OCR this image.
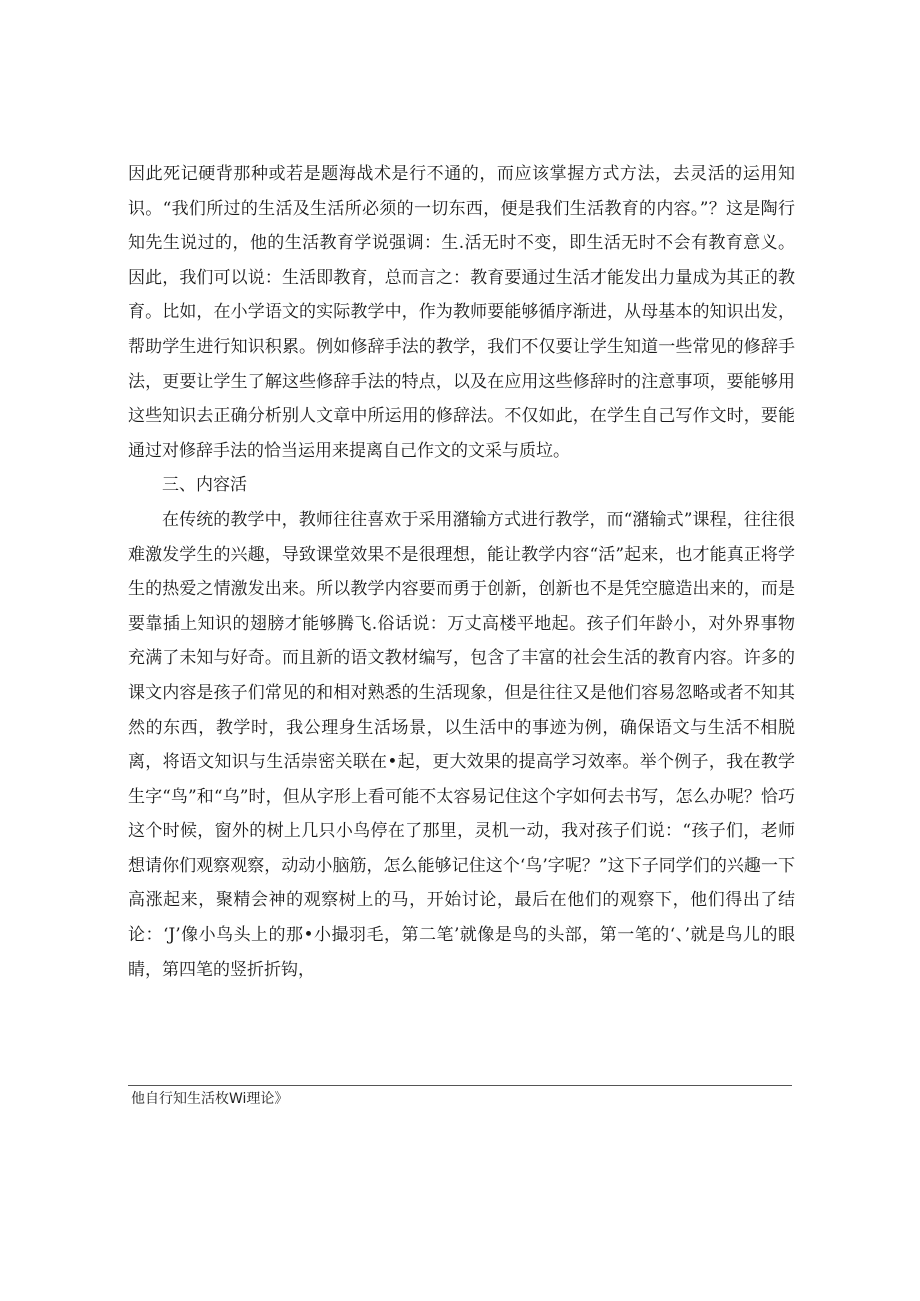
因此死记硬背那种或若是题海战术是行不通的，而应该掌握方式方法，去灵活的运用知识。“我们所过的生活及生活所必须的一切东西，便是我们生活教育的内容。”？这是陶行知先生说过的，他的生活教育学说强调：生.活无时不变，即生活无时不会有教育意义。因此，我们可以说：生活即教育，总而言之：教育要通过生活才能发出力量成为其正的教育。比如，在小学语文的实际教学中，作为教师要能够循序渐进，从母基本的知识出发，帮助学生进行知识积累。例如修辞手法的教学，我们不仅要让学生知道一些常见的修辞手法，更要让学生了解这些修辞手法的特点，以及在应用这些修辞时的注意事项，要能够用这些知识去正确分析别人文章中所运用的修辞法。不仅如此，在学生自己写作文时，要能通过对修辞手法的恰当运用来提离自己作文的文采与质垃。

三、内容活

在传统的教学中，教师往往喜欢于采用潴输方式进行教学，而“潴输式”课程，往往很难激发学生的兴趣，导致课堂效果不是很理想，能让教学内容“活”起来，也才能真正将学生的热爱之情激发出来。所以教学内容要而勇于创新，创新也不是凭空臆造出来的，而是要靠插上知识的翅膀才能够腾飞.俗话说：万丈高楼平地起。孩子们年龄小，对外界事物充满了未知与好奇。而且新的语文教材编写，包含了丰富的社会生活的教育内容。许多的课文内容是孩子们常见的和相对熟悉的生活现象，但是往往又是他们容易忽略或者不知其然的东西，教学时，我公理身生活场景，以生活中的事迹为例，确保语文与生活不相脱离，将语文知识与生活崇密关联在•起，更大效果的提高学习效率。举个例子，我在教学生字“鸟”和“乌”时，但从字形上看可能不太容易记住这个字如何去书写，怎么办呢？恰巧这个时候，窗外的树上几只小鸟停在了那里，灵机一动，我对孩子们说：“孩子们，老师想请你们观察观察，动动小脑筋，怎么能够记住这个‘鸟’字呢？”这下子同学们的兴趣一下高涨起来，聚精会神的观察树上的马，开始讨论，最后在他们的观察下，他们得出了结论：‘J’像小鸟头上的那•小撮羽毛，第二笔’就像是鸟的头部，第一笔的‘、’就是鸟儿的眼睛，第四笔的竖折折钩，

他自行知生活枚Wi理论》
